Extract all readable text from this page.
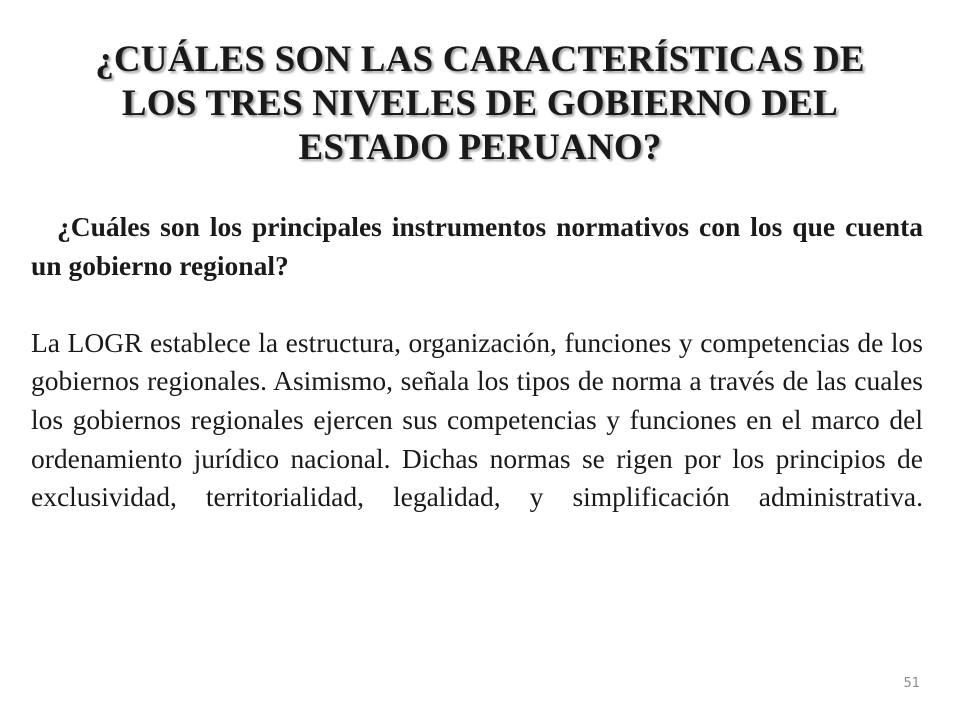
¿CUÁLES SON LAS CARACTERÍSTICAS DE
LOS TRES NIVELES DE GOBIERNO DEL
ESTADO PERUANO?

¿Cuáles son los principales instrumentos normativos con los que cuenta un gobierno regional?

La LOGR establece la estructura, organización, funciones y competencias de los gobiernos regionales. Asimismo, señala los tipos de norma a través de las cuales los gobiernos regionales ejercen sus competencias y funciones en el marco del ordenamiento jurídico nacional. Dichas normas se rigen por los principios de exclusividad, territorialidad, legalidad, y simplificación administrativa.

51
